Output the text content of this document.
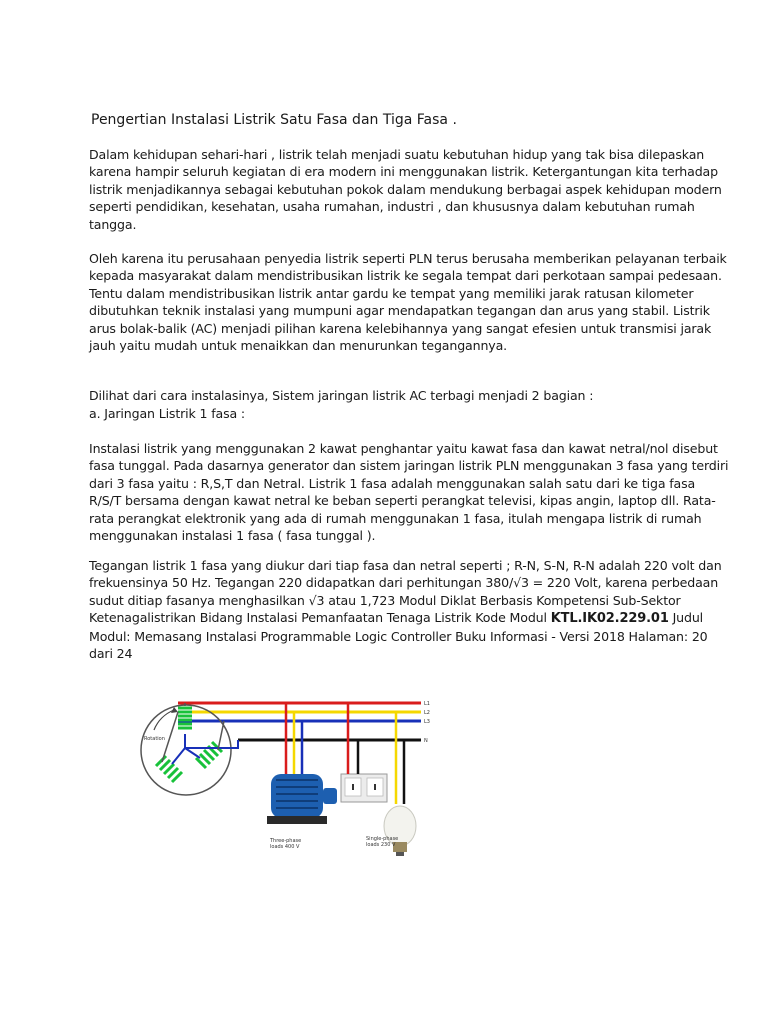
Pengertian Instalasi Listrik Satu Fasa dan Tiga Fasa .

Dalam kehidupan sehari-hari , listrik telah menjadi suatu kebutuhan hidup yang tak bisa dilepaskan karena hampir seluruh kegiatan di era modern ini menggunakan listrik. Ketergantungan kita terhadap listrik menjadikannya sebagai kebutuhan pokok dalam mendukung berbagai aspek kehidupan modern seperti pendidikan, kesehatan, usaha rumahan, industri , dan khususnya dalam kebutuhan rumah tangga.

Oleh karena itu perusahaan penyedia listrik seperti PLN terus berusaha memberikan pelayanan terbaik kepada masyarakat dalam mendistribusikan listrik ke segala tempat dari perkotaan sampai pedesaan. Tentu dalam mendistribusikan listrik antar gardu ke tempat yang memiliki jarak ratusan kilometer dibutuhkan teknik instalasi yang mumpuni agar mendapatkan tegangan dan arus yang stabil. Listrik arus bolak-balik (AC) menjadi pilihan karena kelebihannya yang sangat efesien untuk transmisi jarak jauh yaitu mudah untuk menaikkan dan menurunkan tegangannya.

Dilihat dari cara instalasinya, Sistem jaringan listrik AC terbagi menjadi 2 bagian :

a. Jaringan Listrik 1 fasa :

Instalasi listrik yang menggunakan 2 kawat penghantar yaitu kawat fasa dan kawat netral/nol disebut fasa tunggal. Pada dasarnya generator dan sistem jaringan listrik PLN menggunakan 3 fasa yang terdiri dari 3 fasa yaitu : R,S,T dan Netral. Listrik 1 fasa adalah menggunakan salah satu dari ke tiga fasa R/S/T bersama dengan kawat netral ke beban seperti perangkat televisi, kipas angin, laptop dll. Rata-rata perangkat elektronik yang ada di rumah menggunakan 1 fasa, itulah mengapa listrik di rumah menggunakan instalasi 1 fasa ( fasa tunggal ).

Tegangan listrik 1 fasa yang diukur dari tiap fasa dan netral seperti ; R-N, S-N, R-N adalah 220 volt dan frekuensinya 50 Hz. Tegangan 220 didapatkan dari perhitungan 380/√3 = 220 Volt, karena perbedaan sudut ditiap fasanya menghasilkan √3 atau 1,723 Modul Diklat Berbasis Kompetensi Sub-Sektor Ketenagalistrikan Bidang Instalasi Pemanfaatan Tenaga Listrik Kode Modul KTL.IK02.229.01 Judul Modul: Memasang Instalasi Programmable Logic Controller Buku Informasi - Versi 2018 Halaman: 20 dari 24

Rotation
Three-phase
loads 400 V
Single-phase
loads 230 V
L1
L2
L3
N
